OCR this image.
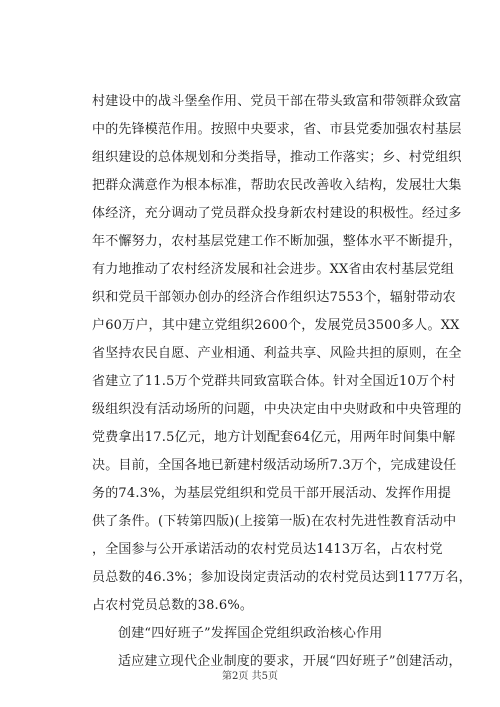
村建设中的战斗堡垒作用、党员干部在带头致富和带领群众致富
中的先锋模范作用。按照中央要求，省、市县党委加强农村基层
组织建设的总体规划和分类指导，推动工作落实；乡、村党组织
把群众满意作为根本标准，帮助农民改善收入结构，发展壮大集
体经济，充分调动了党员群众投身新农村建设的积极性。经过多
年不懈努力，农村基层党建工作不断加强，整体水平不断提升，
有力地推动了农村经济发展和社会进步。XX省由农村基层党组
织和党员干部领办创办的经济合作组织达7553个，辐射带动农
户60万户，其中建立党组织2600个，发展党员3500多人。XX
省坚持农民自愿、产业相通、利益共享、风险共担的原则，在全
省建立了11.5万个党群共同致富联合体。针对全国近10万个村
级组织没有活动场所的问题，中央决定由中央财政和中央管理的
党费拿出17.5亿元，地方计划配套64亿元，用两年时间集中解
决。目前，全国各地已新建村级活动场所7.3万个，完成建设任
务的74.3%，为基层党组织和党员干部开展活动、发挥作用提
供了条件。(下转第四版)(上接第一版)在农村先进性教育活动中
，全国参与公开承诺活动的农村党员达1413万名，占农村党
员总数的46.3%；参加设岗定责活动的农村党员达到1177万名，
占农村党员总数的38.6%。
创建“四好班子”发挥国企党组织政治核心作用
适应建立现代企业制度的要求，开展“四好班子”创建活动，
第2页 共5页
